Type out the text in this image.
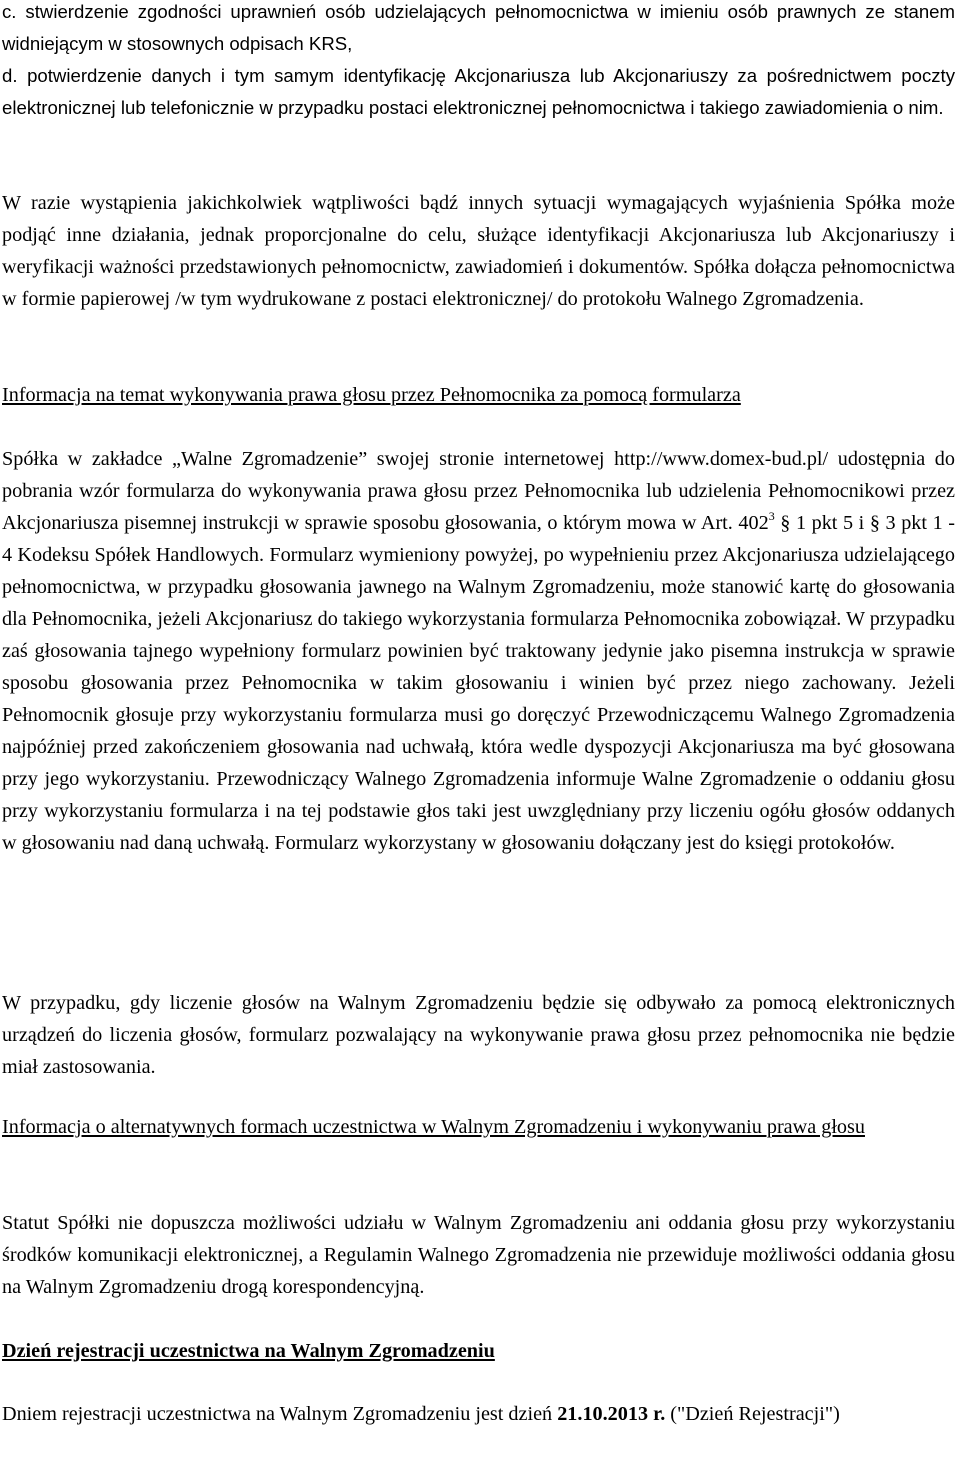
c. stwierdzenie zgodności uprawnień osób udzielających pełnomocnictwa w imieniu osób prawnych ze stanem widniejącym w stosownych odpisach KRS,

d. potwierdzenie danych i tym samym identyfikację Akcjonariusza lub Akcjonariuszy za pośrednictwem poczty elektronicznej lub telefonicznie w przypadku postaci elektronicznej pełnomocnictwa i takiego zawiadomienia o nim.

W razie wystąpienia jakichkolwiek wątpliwości bądź innych sytuacji wymagających wyjaśnienia Spółka może podjąć inne działania, jednak proporcjonalne do celu, służące identyfikacji Akcjonariusza lub Akcjonariuszy i weryfikacji ważności przedstawionych pełnomocnictw, zawiadomień i dokumentów. Spółka dołącza pełnomocnictwa w formie papierowej /w tym wydrukowane z postaci elektronicznej/ do protokołu Walnego Zgromadzenia.

Informacja na temat wykonywania prawa głosu przez Pełnomocnika za pomocą formularza

Spółka w zakładce „Walne Zgromadzenie” swojej stronie internetowej http://www.domex-bud.pl/ udostępnia do pobrania wzór formularza do wykonywania prawa głosu przez Pełnomocnika lub udzielenia Pełnomocnikowi przez Akcjonariusza pisemnej instrukcji w sprawie sposobu głosowania, o którym mowa w Art. $402^3$ § 1 pkt 5 i § 3 pkt 1 - 4 Kodeksu Spółek Handlowych. Formularz wymieniony powyżej, po wypełnieniu przez Akcjonariusza udzielającego pełnomocnictwa, w przypadku głosowania jawnego na Walnym Zgromadzeniu, może stanowić kartę do głosowania dla Pełnomocnika, jeżeli Akcjonariusz do takiego wykorzystania formularza Pełnomocnika zobowiązał. W przypadku zaś głosowania tajnego wypełniony formularz powinien być traktowany jedynie jako pisemna instrukcja w sprawie sposobu głosowania przez Pełnomocnika w takim głosowaniu i winien być przez niego zachowany. Jeżeli Pełnomocnik głosuje przy wykorzystaniu formularza musi go doręczyć Przewodniczącemu Walnego Zgromadzenia najpóźniej przed zakończeniem głosowania nad uchwałą, która wedle dyspozycji Akcjonariusza ma być głosowana przy jego wykorzystaniu. Przewodniczący Walnego Zgromadzenia informuje Walne Zgromadzenie o oddaniu głosu przy wykorzystaniu formularza i na tej podstawie głos taki jest uwzględniany przy liczeniu ogółu głosów oddanych w głosowaniu nad daną uchwałą. Formularz wykorzystany w głosowaniu dołączany jest do księgi protokołów.

W przypadku, gdy liczenie głosów na Walnym Zgromadzeniu będzie się odbywało za pomocą elektronicznych urządzeń do liczenia głosów, formularz pozwalający na wykonywanie prawa głosu przez pełnomocnika nie będzie miał zastosowania.

Informacja o alternatywnych formach uczestnictwa w Walnym Zgromadzeniu i wykonywaniu prawa głosu

Statut Spółki nie dopuszcza możliwości udziału w Walnym Zgromadzeniu ani oddania głosu przy wykorzystaniu środków komunikacji elektronicznej, a Regulamin Walnego Zgromadzenia nie przewiduje możliwości oddania głosu na Walnym Zgromadzeniu drogą korespondencyjną.

Dzień rejestracji uczestnictwa na Walnym Zgromadzeniu

Dniem rejestracji uczestnictwa na Walnym Zgromadzeniu jest dzień 21.10.2013 r. ("Dzień Rejestracji")
